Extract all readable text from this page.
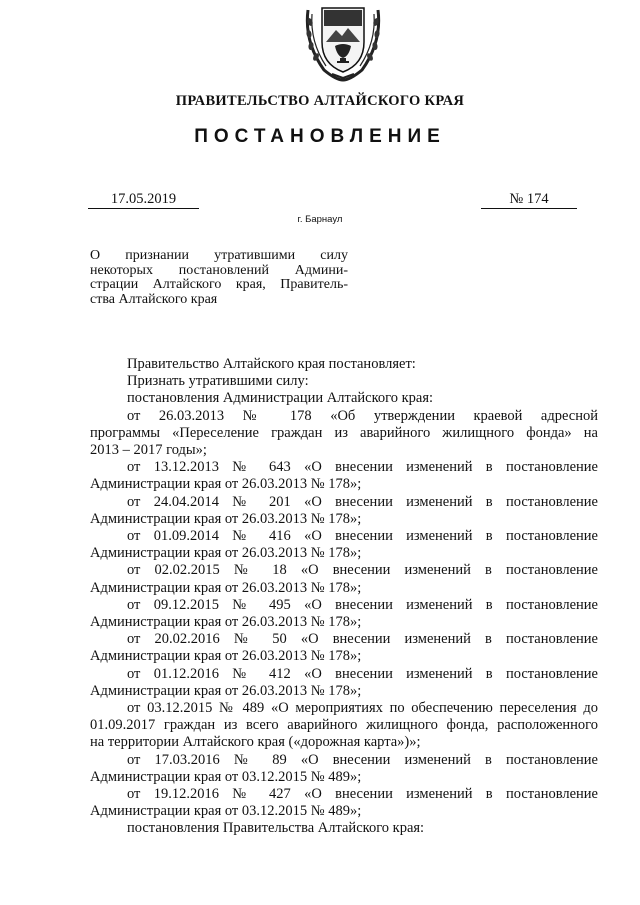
ПРАВИТЕЛЬСТВО АЛТАЙСКОГО КРАЯ
ПОСТАНОВЛЕНИЕ
17.05.2019	№ 174
г. Барнаул
О признании утратившими силу
некоторых постановлений Админи-
страции Алтайского края, Правитель-
ства Алтайского края
Правительство Алтайского края постановляет:
Признать утратившими силу:
постановления Администрации Алтайского края:
от 26.03.2013 № 178 «Об утверждении краевой адресной
программы «Переселение граждан из аварийного жилищного фонда» на
2013 – 2017 годы»;
от 13.12.2013 № 643 «О внесении изменений в постановление
Администрации края от 26.03.2013 № 178»;
от 24.04.2014 № 201 «О внесении изменений в постановление
Администрации края от 26.03.2013 № 178»;
от 01.09.2014 № 416 «О внесении изменений в постановление
Администрации края от 26.03.2013 № 178»;
от 02.02.2015 № 18 «О внесении изменений в постановление
Администрации края от 26.03.2013 № 178»;
от 09.12.2015 № 495 «О внесении изменений в постановление
Администрации края от 26.03.2013 № 178»;
от 20.02.2016 № 50 «О внесении изменений в постановление
Администрации края от 26.03.2013 № 178»;
от 01.12.2016 № 412 «О внесении изменений в постановление
Администрации края от 26.03.2013 № 178»;
от 03.12.2015 № 489 «О мероприятиях по обеспечению переселения до
01.09.2017 граждан из всего аварийного жилищного фонда, расположенного
на территории Алтайского края («дорожная карта»)»;
от 17.03.2016 № 89 «О внесении изменений в постановление
Администрации края от 03.12.2015 № 489»;
от 19.12.2016 № 427 «О внесении изменений в постановление
Администрации края от 03.12.2015 № 489»;
постановления Правительства Алтайского края:
